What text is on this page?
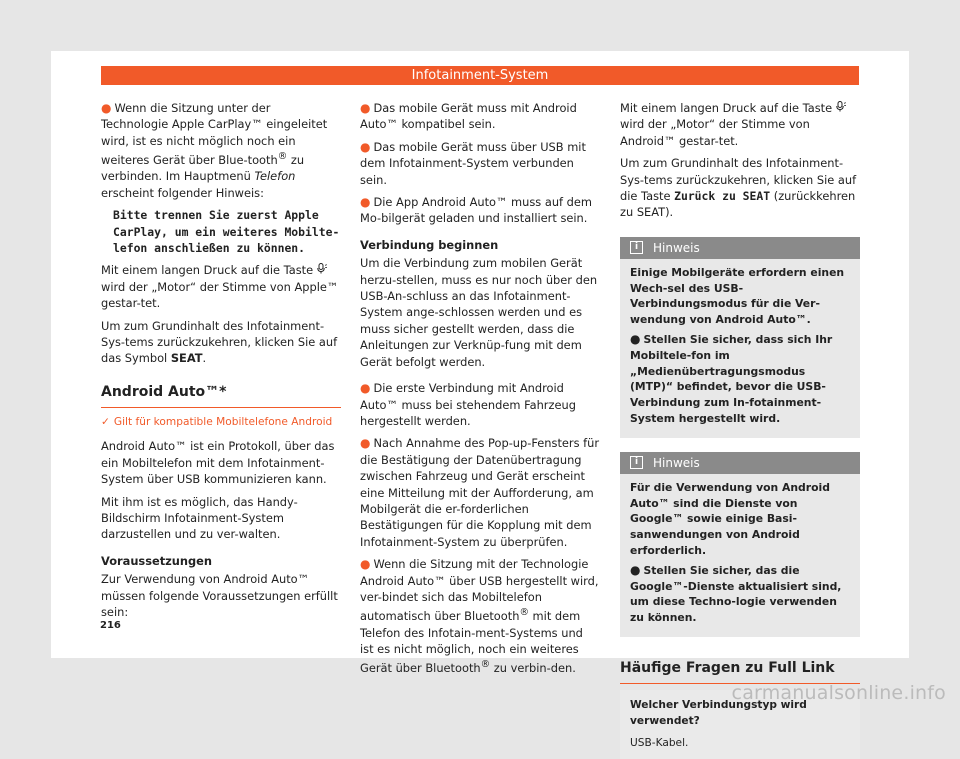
Infotainment-System

● Wenn die Sitzung unter der Technologie Apple CarPlay™ eingeleitet wird, ist es nicht möglich noch ein weiteres Gerät über Blue-tooth® zu verbinden. Im Hauptmenü Telefon erscheint folgender Hinweis:

Bitte trennen Sie zuerst Apple
CarPlay, um ein weiteres Mobilte-
lefon anschließen zu können.

Mit einem langen Druck auf die Taste  wird der „Motor“ der Stimme von Apple™ gestar-tet.

Um zum Grundinhalt des Infotainment-Sys-tems zurückzukehren, klicken Sie auf das Symbol SEAT.

Android Auto™*

✓ Gilt für kompatible Mobiltelefone Android

Android Auto™ ist ein Protokoll, über das ein Mobiltelefon mit dem Infotainment-System über USB kommunizieren kann.

Mit ihm ist es möglich, das Handy-Bildschirm Infotainment-System darzustellen und zu ver-walten.

Voraussetzungen

Zur Verwendung von Android Auto™ müssen folgende Voraussetzungen erfüllt sein:

● Das mobile Gerät muss mit Android Auto™ kompatibel sein.

● Das mobile Gerät muss über USB mit dem Infotainment-System verbunden sein.

● Die App Android Auto™ muss auf dem Mo-bilgerät geladen und installiert sein.

Verbindung beginnen

Um die Verbindung zum mobilen Gerät herzu-stellen, muss es nur noch über den USB-An-schluss an das Infotainment-System ange-schlossen werden und es muss sicher gestellt werden, dass die Anleitungen zur Verknüp-fung mit dem Gerät befolgt werden.

● Die erste Verbindung mit Android Auto™ muss bei stehendem Fahrzeug hergestellt werden.

● Nach Annahme des Pop-up-Fensters für die Bestätigung der Datenübertragung zwischen Fahrzeug und Gerät erscheint eine Mitteilung mit der Aufforderung, am Mobilgerät die er-forderlichen Bestätigungen für die Kopplung mit dem Infotainment-System zu überprüfen.

● Wenn die Sitzung mit der Technologie Android Auto™ über USB hergestellt wird, ver-bindet sich das Mobiltelefon automatisch über Bluetooth® mit dem Telefon des Infotain-ment-Systems und ist es nicht möglich, noch ein weiteres Gerät über Bluetooth® zu verbin-den.

Mit einem langen Druck auf die Taste  wird der „Motor“ der Stimme von Android™ gestar-tet.

Um zum Grundinhalt des Infotainment-Sys-tems zurückzukehren, klicken Sie auf die Taste Zurück zu SEAT (zurückkehren zu SEAT).

i	Hinweis

Einige Mobilgeräte erfordern einen Wech-sel des USB-Verbindungsmodus für die Ver-wendung von Android Auto™.

● Stellen Sie sicher, dass sich Ihr Mobiltele-fon im „Medienübertragungsmodus (MTP)“ befindet, bevor die USB-Verbindung zum In-fotainment-System hergestellt wird.

i	Hinweis

Für die Verwendung von Android Auto™ sind die Dienste von Google™ sowie einige Basi-sanwendungen von Android erforderlich.

● Stellen Sie sicher, das die Google™-Dienste aktualisiert sind, um diese Techno-logie verwenden zu können.

Häufige Fragen zu Full Link

Welcher Verbindungstyp wird verwendet?

USB-Kabel.

216
carmanualsonline.info
